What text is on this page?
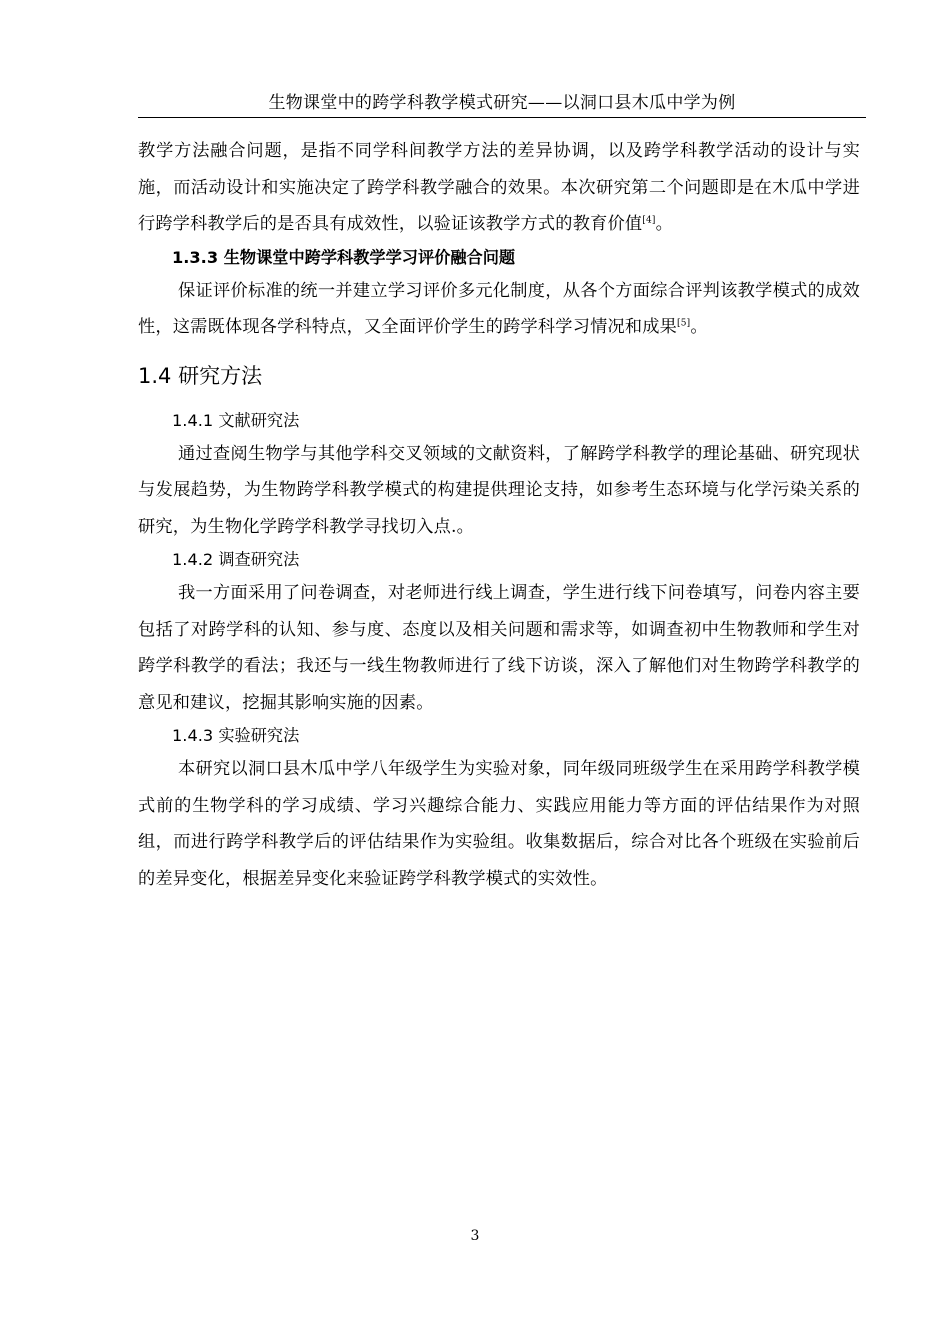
生物课堂中的跨学科教学模式研究——以洞口县木瓜中学为例

教学方法融合问题，是指不同学科间教学方法的差异协调，以及跨学科教学活动的设计与实施，而活动设计和实施决定了跨学科教学融合的效果。本次研究第二个问题即是在木瓜中学进行跨学科教学后的是否具有成效性，以验证该教学方式的教育价值[4]。

1.3.3 生物课堂中跨学科教学学习评价融合问题

保证评价标准的统一并建立学习评价多元化制度，从各个方面综合评判该教学模式的成效性，这需既体现各学科特点，又全面评价学生的跨学科学习情况和成果[5]。

1.4 研究方法

1.4.1 文献研究法

通过查阅生物学与其他学科交叉领域的文献资料，了解跨学科教学的理论基础、研究现状与发展趋势，为生物跨学科教学模式的构建提供理论支持，如参考生态环境与化学污染关系的研究，为生物化学跨学科教学寻找切入点.。

1.4.2 调查研究法

我一方面采用了问卷调查，对老师进行线上调查，学生进行线下问卷填写，问卷内容主要包括了对跨学科的认知、参与度、态度以及相关问题和需求等，如调查初中生物教师和学生对跨学科教学的看法；我还与一线生物教师进行了线下访谈，深入了解他们对生物跨学科教学的意见和建议，挖掘其影响实施的因素。

1.4.3 实验研究法

本研究以洞口县木瓜中学八年级学生为实验对象，同年级同班级学生在采用跨学科教学模式前的生物学科的学习成绩、学习兴趣综合能力、实践应用能力等方面的评估结果作为对照组，而进行跨学科教学后的评估结果作为实验组。收集数据后，综合对比各个班级在实验前后的差异变化，根据差异变化来验证跨学科教学模式的实效性。

3
